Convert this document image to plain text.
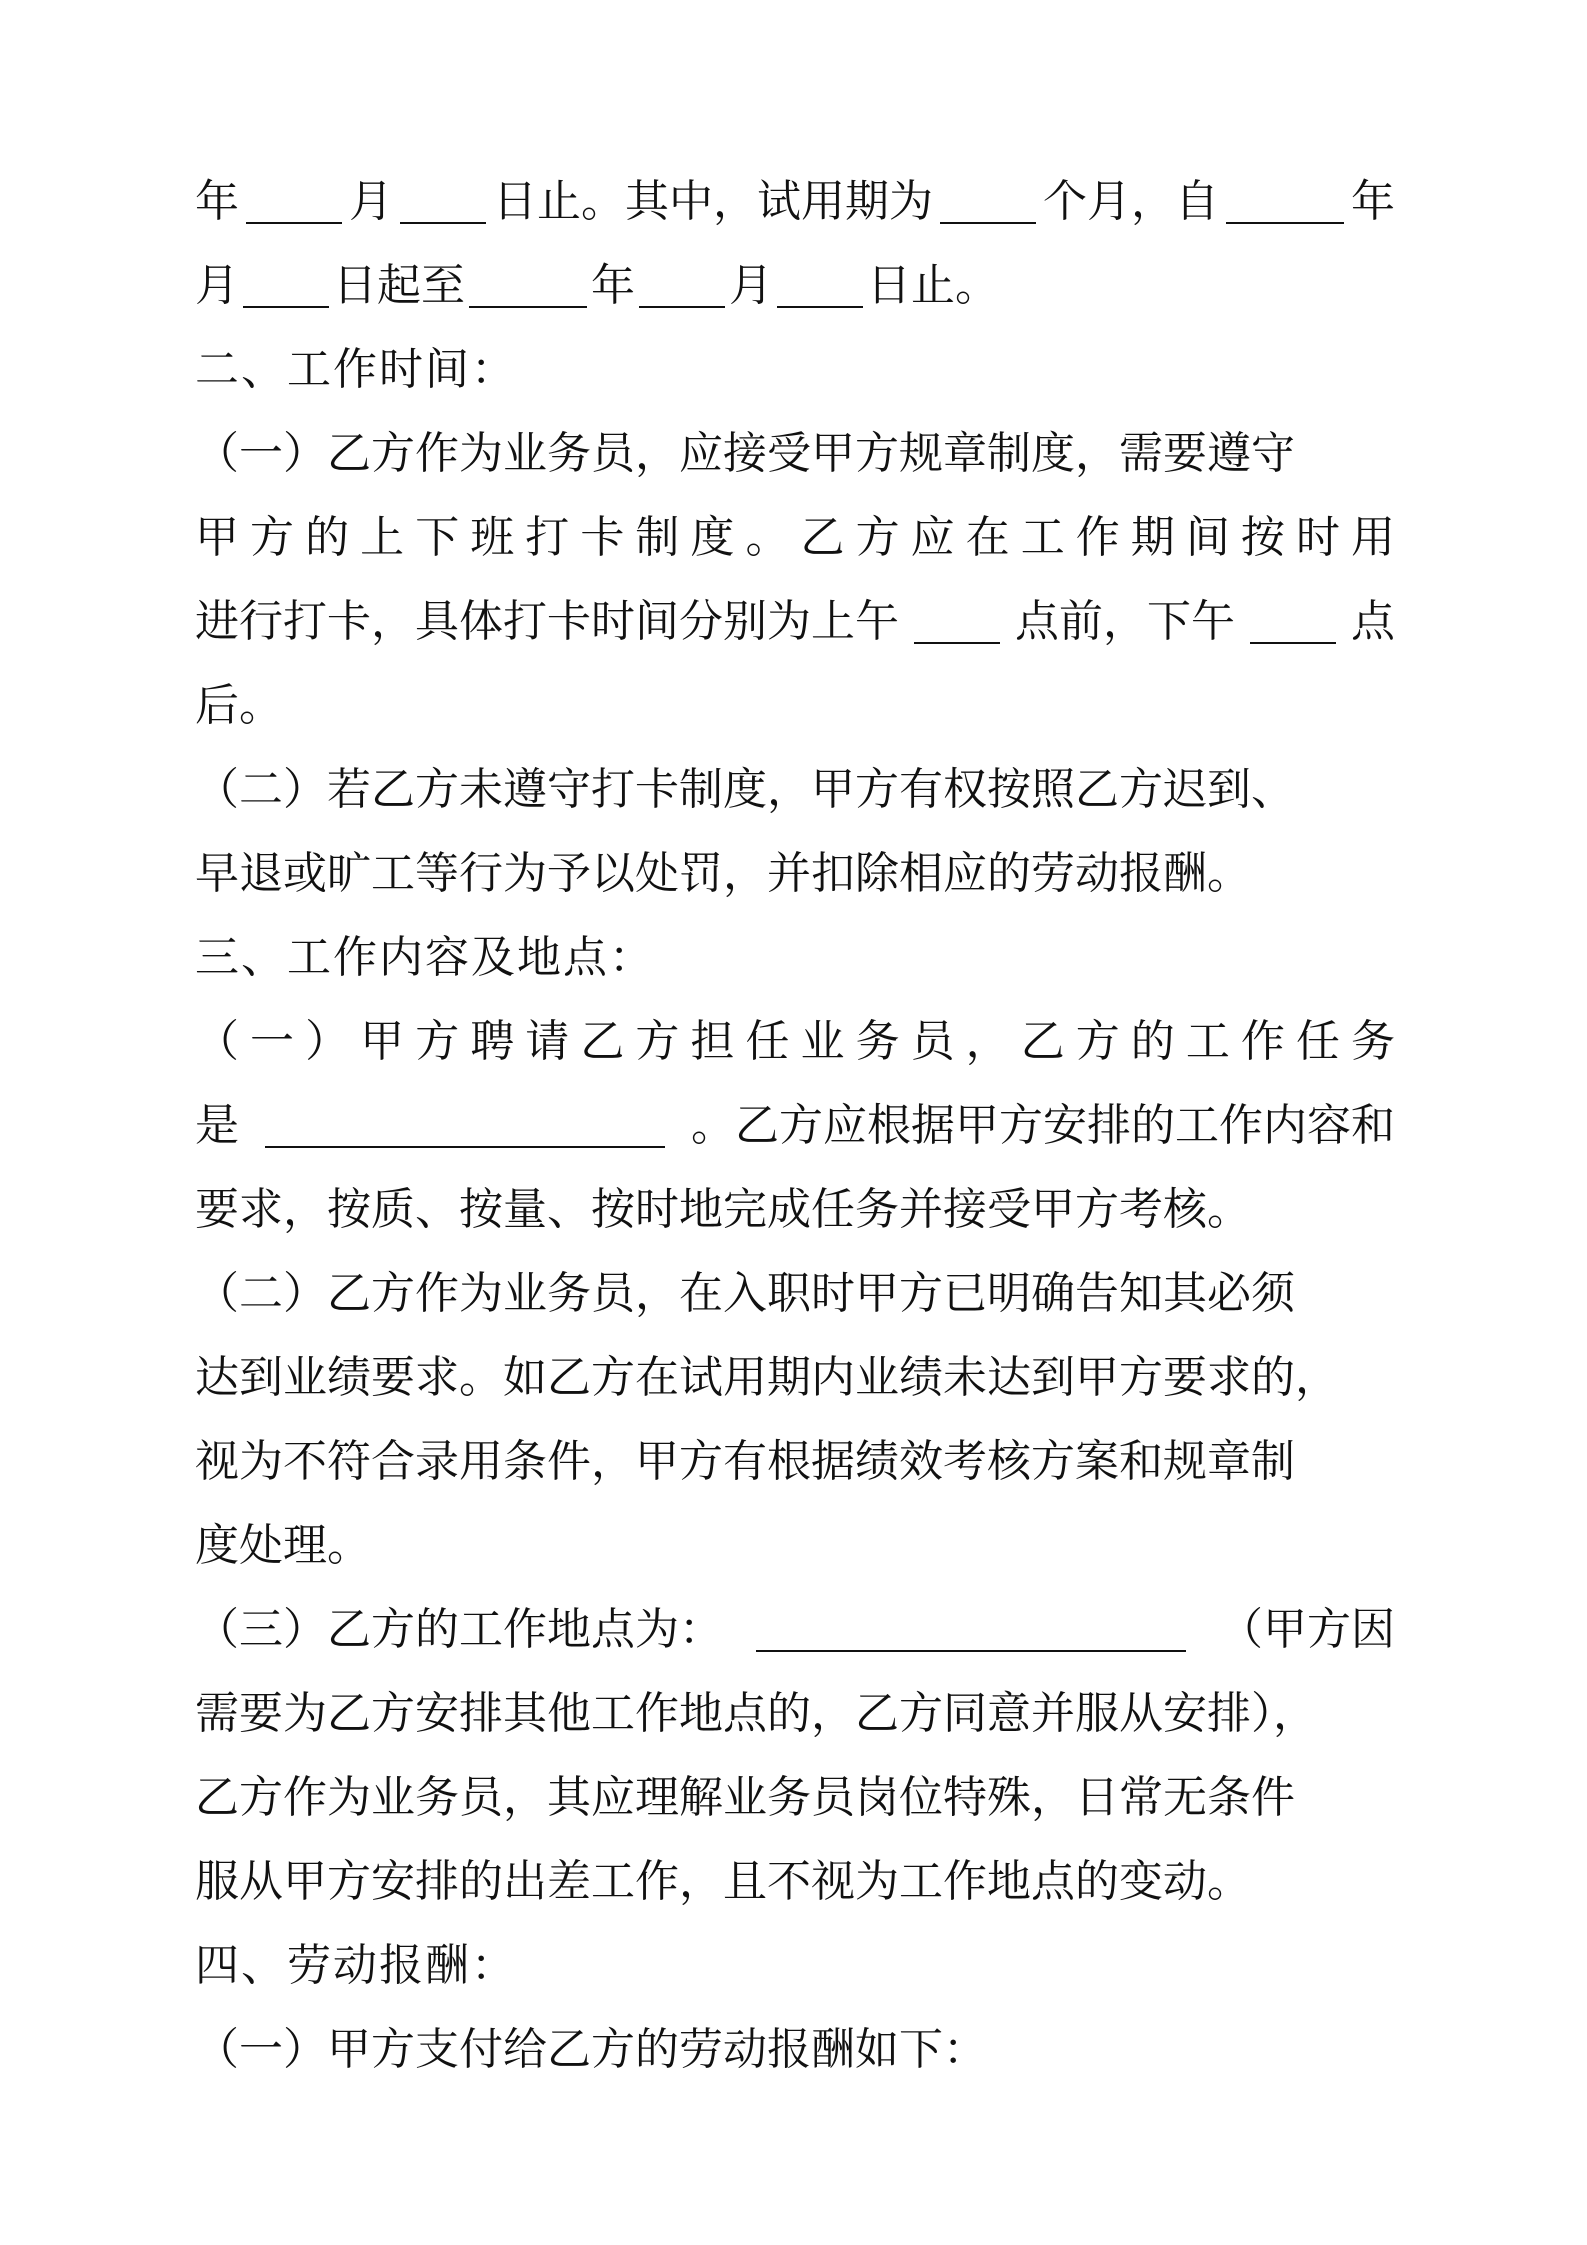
年	月 日止。其中，试用期为	个月，自	年
月 日起至	年 月 日止。
二、工作时间：
（一）乙方作为业务员，应接受甲方规章制度，需要遵守
甲 方 的 上 下 班 打 卡 制 度 。 乙 方 应 在 工 作 期 间 按 时 用
进行打卡，具体打卡时间分别为上午	点前，下午	点
后。
（二）若乙方未遵守打卡制度，甲方有权按照乙方迟到、
早退或旷工等行为予以处罚，并扣除相应的劳动报酬。
三、工作内容及地点：
（ 一 ） 甲 方 聘 请 乙 方 担 任 业 务 员 ， 乙 方 的 工 作 任 务
是	。乙方应根据甲方安排的工作内容和
要求，按质、按量、按时地完成任务并接受甲方考核。
（二）乙方作为业务员，在入职时甲方已明确告知其必须
达到业绩要求。如乙方在试用期内业绩未达到甲方要求的，
视为不符合录用条件，甲方有根据绩效考核方案和规章制
度处理。
（三）乙方的工作地点为：	（甲方因
需要为乙方安排其他工作地点的，乙方同意并服从安排），
乙方作为业务员，其应理解业务员岗位特殊，日常无条件
服从甲方安排的出差工作，且不视为工作地点的变动。
四、劳动报酬：
（一）甲方支付给乙方的劳动报酬如下：
